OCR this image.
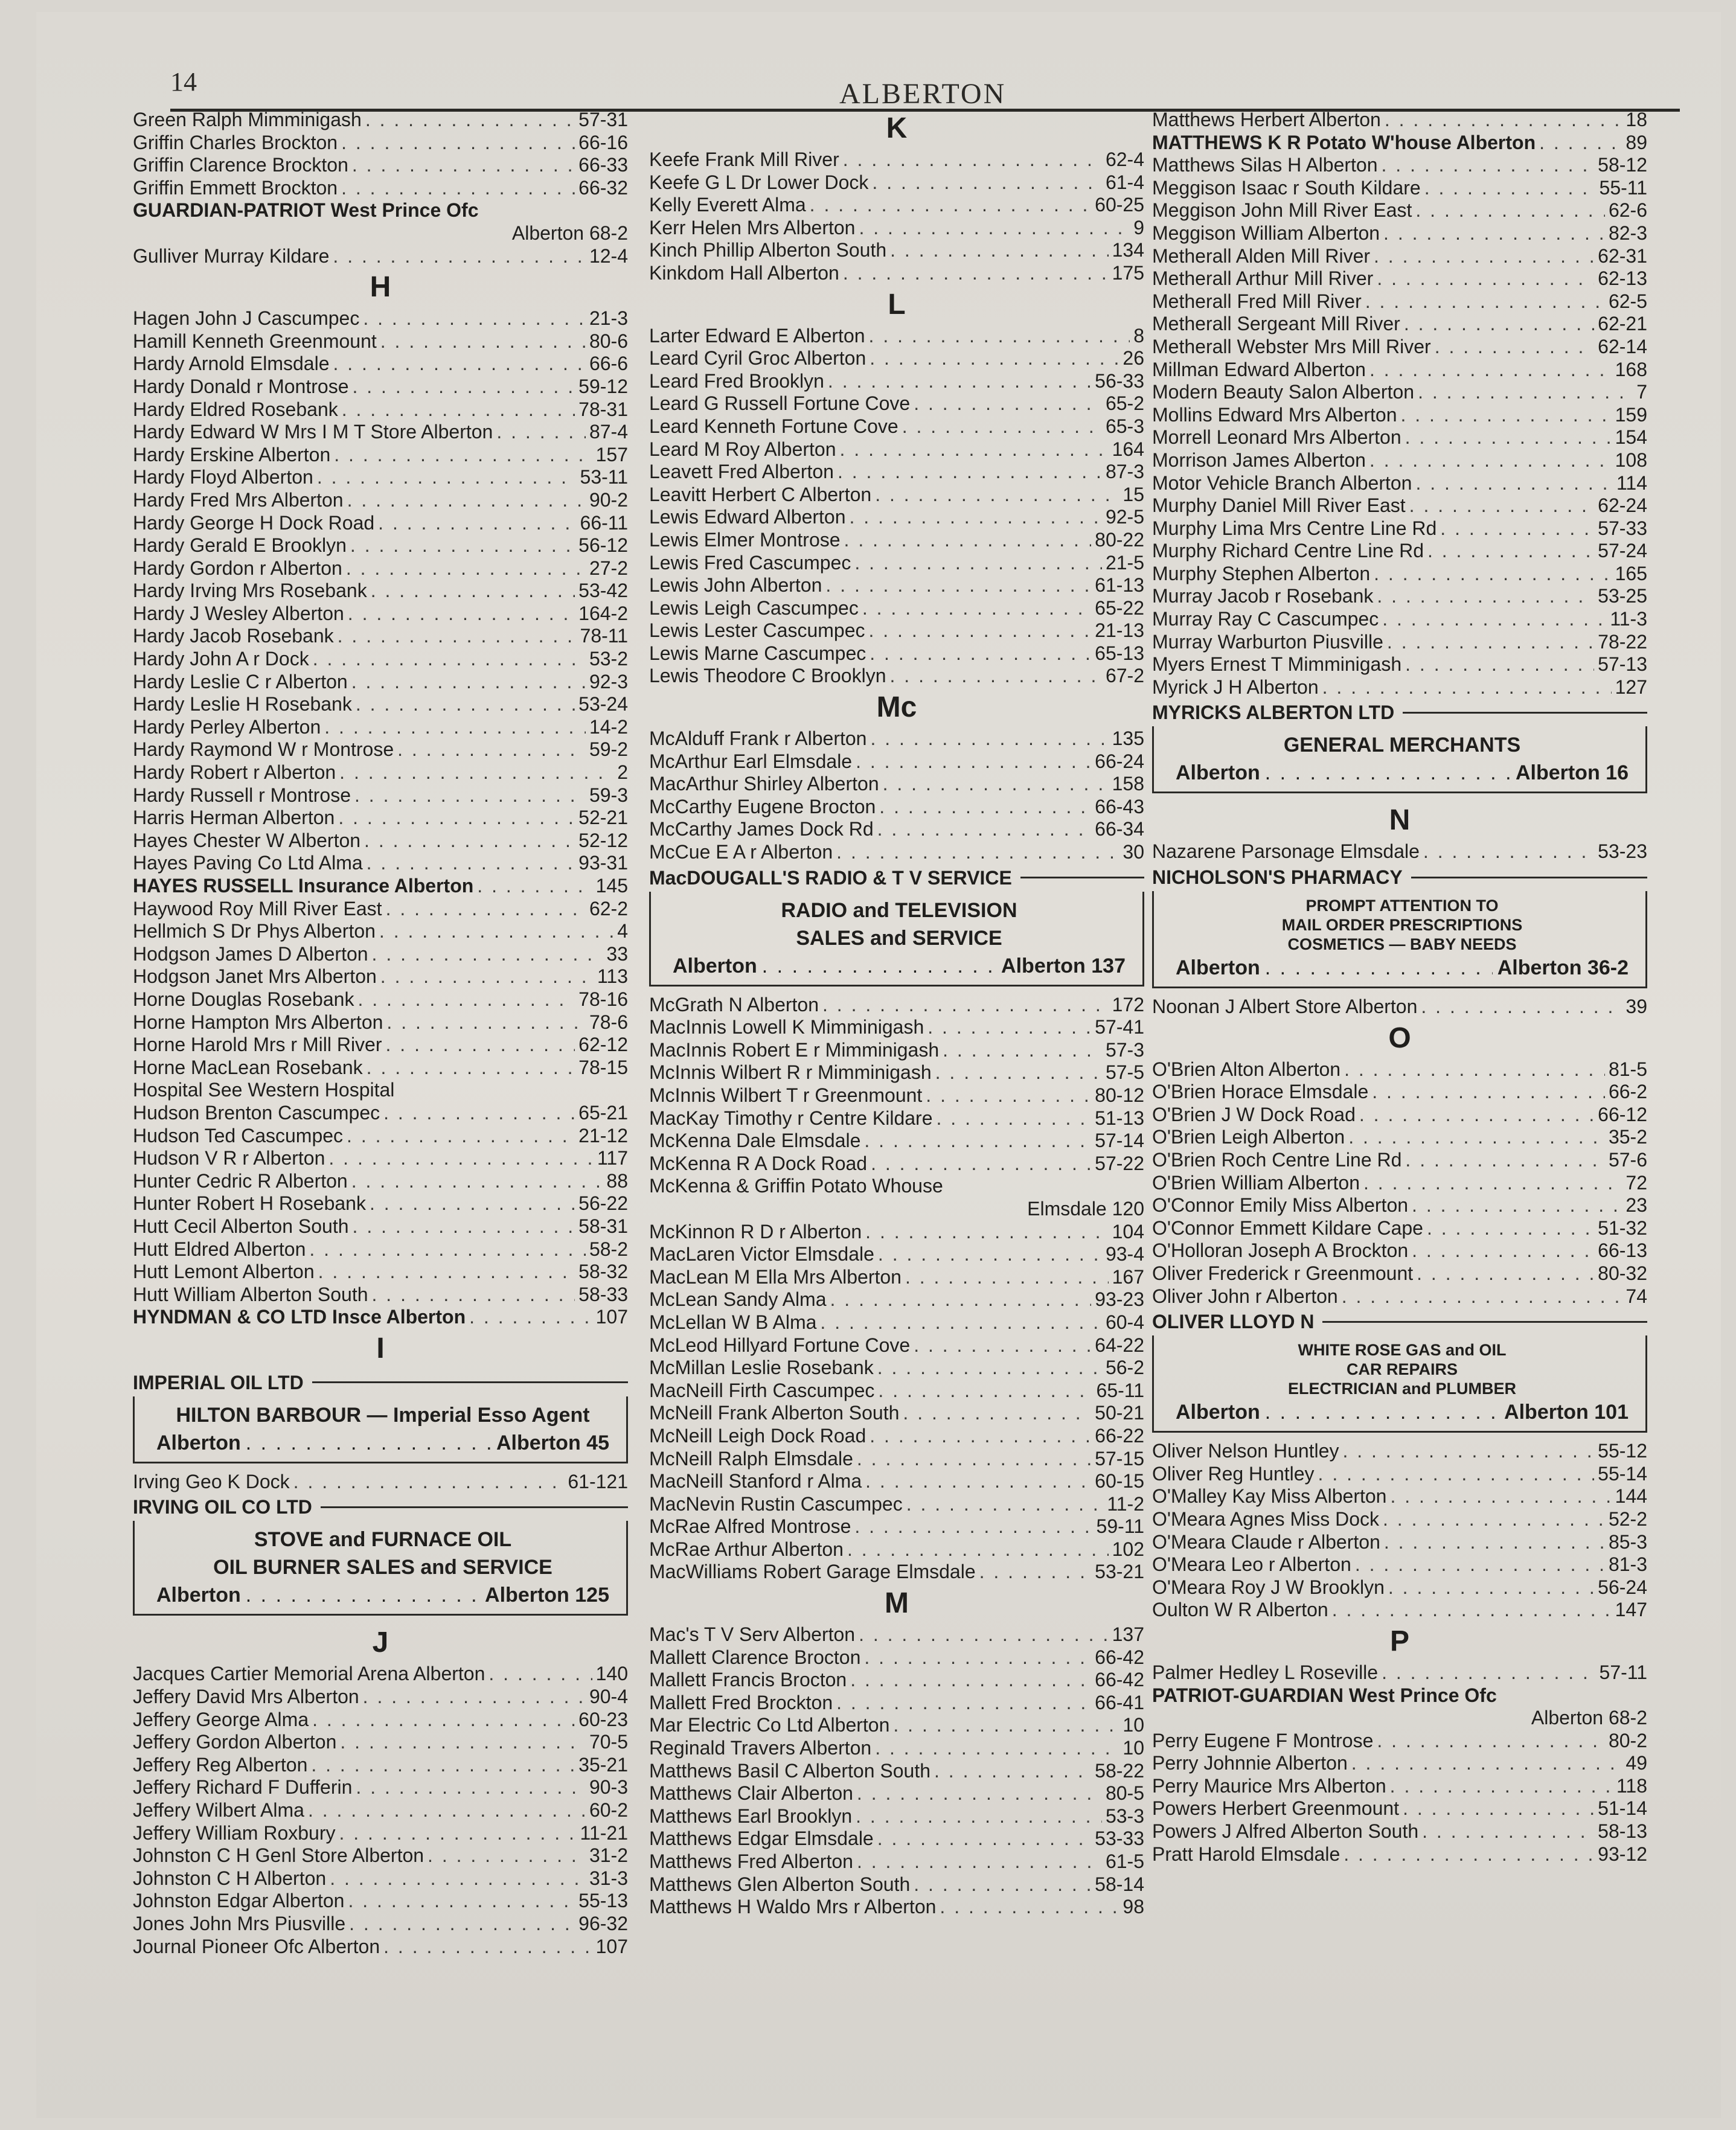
14	ALBERTON
Green Ralph Mimminigash . . .	57-31
Griffin Charles Brockton . . .	66-16
Griffin Clarence Brockton . . .	66-33
Griffin Emmett Brockton . . .	66-32
GUARDIAN-PATRIOT West Prince Ofc
Alberton 68-2
Gulliver Murray Kildare . . .	12-4
H
Hagen John J Cascumpec . . .	21-3
Hamill Kenneth Greenmount . . .	80-6
Hardy Arnold Elmsdale . . .	66-6
Hardy Donald r Montrose . . .	59-12
Hardy Eldred Rosebank . . .	78-31
Hardy Edward W Mrs I M T Store Alberton . . .	87-4
Hardy Erskine Alberton . . .	157
Hardy Floyd Alberton . . .	53-11
Hardy Fred Mrs Alberton . . .	90-2
Hardy George H Dock Road . . .	66-11
Hardy Gerald E Brooklyn . . .	56-12
Hardy Gordon r Alberton . . .	27-2
Hardy Irving Mrs Rosebank . . .	53-42
Hardy J Wesley Alberton . . .	164-2
Hardy Jacob Rosebank . . .	78-11
Hardy John A r Dock . . .	53-2
Hardy Leslie C r Alberton . . .	92-3
Hardy Leslie H Rosebank . . .	53-24
Hardy Perley Alberton . . .	14-2
Hardy Raymond W r Montrose . . .	59-2
Hardy Robert r Alberton . . .	2
Hardy Russell r Montrose . . .	59-3
Harris Herman Alberton . . .	52-21
Hayes Chester W Alberton . . .	52-12
Hayes Paving Co Ltd Alma . . .	93-31
HAYES RUSSELL Insurance Alberton . . .	145
Haywood Roy Mill River East . . .	62-2
Hellmich S Dr Phys Alberton . . .	4
Hodgson James D Alberton . . .	33
Hodgson Janet Mrs Alberton . . .	113
Horne Douglas Rosebank . . .	78-16
Horne Hampton Mrs Alberton . . .	78-6
Horne Harold Mrs r Mill River . . .	62-12
Horne MacLean Rosebank . . .	78-15
Hospital See Western Hospital
Hudson Brenton Cascumpec . . .	65-21
Hudson Ted Cascumpec . . .	21-12
Hudson V R r Alberton . . .	117
Hunter Cedric R Alberton . . .	88
Hunter Robert H Rosebank . . .	56-22
Hutt Cecil Alberton South . . .	58-31
Hutt Eldred Alberton . . .	58-2
Hutt Lemont Alberton . . .	58-32
Hutt William Alberton South . . .	58-33
HYNDMAN & CO LTD Insce Alberton . . .	107
I
IMPERIAL OIL LTD
HILTON BARBOUR — Imperial Esso Agent
Alberton . . .	Alberton 45
Irving Geo K Dock . . .	61-121
IRVING OIL CO LTD
STOVE and FURNACE OIL
OIL BURNER SALES and SERVICE
Alberton . . .	Alberton 125
J
Jacques Cartier Memorial Arena Alberton . . .	140
Jeffery David Mrs Alberton . . .	90-4
Jeffery George Alma . . .	60-23
Jeffery Gordon Alberton . . .	70-5
Jeffery Reg Alberton . . .	35-21
Jeffery Richard F Dufferin . . .	90-3
Jeffery Wilbert Alma . . .	60-2
Jeffery William Roxbury . . .	11-21
Johnston C H Genl Store Alberton . . .	31-2
Johnston C H Alberton . . .	31-3
Johnston Edgar Alberton . . .	55-13
Jones John Mrs Piusville . . .	96-32
Journal Pioneer Ofc Alberton . . .	107
K
Keefe Frank Mill River . . .	62-4
Keefe G L Dr Lower Dock . . .	61-4
Kelly Everett Alma . . .	60-25
Kerr Helen Mrs Alberton . . .	9
Kinch Phillip Alberton South . . .	134
Kinkdom Hall Alberton . . .	175
L
Larter Edward E Alberton . . .	8
Leard Cyril Groc Alberton . . .	26
Leard Fred Brooklyn . . .	56-33
Leard G Russell Fortune Cove . . .	65-2
Leard Kenneth Fortune Cove . . .	65-3
Leard M Roy Alberton . . .	164
Leavett Fred Alberton . . .	87-3
Leavitt Herbert C Alberton . . .	15
Lewis Edward Alberton . . .	92-5
Lewis Elmer Montrose . . .	80-22
Lewis Fred Cascumpec . . .	21-5
Lewis John Alberton . . .	61-13
Lewis Leigh Cascumpec . . .	65-22
Lewis Lester Cascumpec . . .	21-13
Lewis Marne Cascumpec . . .	65-13
Lewis Theodore C Brooklyn . . .	67-2
Mc
McAlduff Frank r Alberton . . .	135
McArthur Earl Elmsdale . . .	66-24
MacArthur Shirley Alberton . . .	158
McCarthy Eugene Brocton . . .	66-43
McCarthy James Dock Rd . . .	66-34
McCue E A r Alberton . . .	30
MacDOUGALL'S RADIO & T V SERVICE
RADIO and TELEVISION
SALES and SERVICE
Alberton . . .	Alberton 137
McGrath N Alberton . . .	172
MacInnis Lowell K Mimminigash . . .	57-41
MacInnis Robert E r Mimminigash . . .	57-3
McInnis Wilbert R r Mimminigash . . .	57-5
McInnis Wilbert T r Greenmount . . .	80-12
MacKay Timothy r Centre Kildare . . .	51-13
McKenna Dale Elmsdale . . .	57-14
McKenna R A Dock Road . . .	57-22
McKenna & Griffin Potato Whouse
Elmsdale 120
McKinnon R D r Alberton . . .	104
MacLaren Victor Elmsdale . . .	93-4
MacLean M Ella Mrs Alberton . . .	167
McLean Sandy Alma . . .	93-23
McLellan W B Alma . . .	60-4
McLeod Hillyard Fortune Cove . . .	64-22
McMillan Leslie Rosebank . . .	56-2
MacNeill Firth Cascumpec . . .	65-11
McNeill Frank Alberton South . . .	50-21
McNeill Leigh Dock Road . . .	66-22
McNeill Ralph Elmsdale . . .	57-15
MacNeill Stanford r Alma . . .	60-15
MacNevin Rustin Cascumpec . . .	11-2
McRae Alfred Montrose . . .	59-11
McRae Arthur Alberton . . .	102
MacWilliams Robert Garage Elmsdale . . .	53-21
M
Mac's T V Serv Alberton . . .	137
Mallett Clarence Brocton . . .	66-42
Mallett Francis Brocton . . .	66-42
Mallett Fred Brockton . . .	66-41
Mar Electric Co Ltd Alberton . . .	10
Reginald Travers Alberton . . .	10
Matthews Basil C Alberton South . . .	58-22
Matthews Clair Alberton . . .	80-5
Matthews Earl Brooklyn . . .	53-3
Matthews Edgar Elmsdale . . .	53-33
Matthews Fred Alberton . . .	61-5
Matthews Glen Alberton South . . .	58-14
Matthews H Waldo Mrs r Alberton . . .	98
Matthews Herbert Alberton . . .	18
MATTHEWS K R Potato W'house Alberton . . .	89
Matthews Silas H Alberton . . .	58-12
Meggison Isaac r South Kildare . . .	55-11
Meggison John Mill River East . . .	62-6
Meggison William Alberton . . .	82-3
Metherall Alden Mill River . . .	62-31
Metherall Arthur Mill River . . .	62-13
Metherall Fred Mill River . . .	62-5
Metherall Sergeant Mill River . . .	62-21
Metherall Webster Mrs Mill River . . .	62-14
Millman Edward Alberton . . .	168
Modern Beauty Salon Alberton . . .	7
Mollins Edward Mrs Alberton . . .	159
Morrell Leonard Mrs Alberton . . .	154
Morrison James Alberton . . .	108
Motor Vehicle Branch Alberton . . .	114
Murphy Daniel Mill River East . . .	62-24
Murphy Lima Mrs Centre Line Rd . . .	57-33
Murphy Richard Centre Line Rd . . .	57-24
Murphy Stephen Alberton . . .	165
Murray Jacob r Rosebank . . .	53-25
Murray Ray C Cascumpec . . .	11-3
Murray Warburton Piusville . . .	78-22
Myers Ernest T Mimminigash . . .	57-13
Myrick J H Alberton . . .	127
MYRICKS ALBERTON LTD
GENERAL MERCHANTS
Alberton . . .	Alberton 16
N
Nazarene Parsonage Elmsdale . . .	53-23
NICHOLSON'S PHARMACY
PROMPT ATTENTION TO
MAIL ORDER PRESCRIPTIONS
COSMETICS — BABY NEEDS
Alberton . . .	Alberton 36-2
Noonan J Albert Store Alberton . . .	39
O
O'Brien Alton Alberton . . .	81-5
O'Brien Horace Elmsdale . . .	66-2
O'Brien J W Dock Road . . .	66-12
O'Brien Leigh Alberton . . .	35-2
O'Brien Roch Centre Line Rd . . .	57-6
O'Brien William Alberton . . .	72
O'Connor Emily Miss Alberton . . .	23
O'Connor Emmett Kildare Cape . . .	51-32
O'Holloran Joseph A Brockton . . .	66-13
Oliver Frederick r Greenmount . . .	80-32
Oliver John r Alberton . . .	74
OLIVER LLOYD N
WHITE ROSE GAS and OIL
CAR REPAIRS
ELECTRICIAN and PLUMBER
Alberton . . .	Alberton 101
Oliver Nelson Huntley . . .	55-12
Oliver Reg Huntley . . .	55-14
O'Malley Kay Miss Alberton . . .	144
O'Meara Agnes Miss Dock . . .	52-2
O'Meara Claude r Alberton . . .	85-3
O'Meara Leo r Alberton . . .	81-3
O'Meara Roy J W Brooklyn . . .	56-24
Oulton W R Alberton . . .	147
P
Palmer Hedley L Roseville . . .	57-11
PATRIOT-GUARDIAN West Prince Ofc
Alberton 68-2
Perry Eugene F Montrose . . .	80-2
Perry Johnnie Alberton . . .	49
Perry Maurice Mrs Alberton . . .	118
Powers Herbert Greenmount . . .	51-14
Powers J Alfred Alberton South . . .	58-13
Pratt Harold Elmsdale . . .	93-12
